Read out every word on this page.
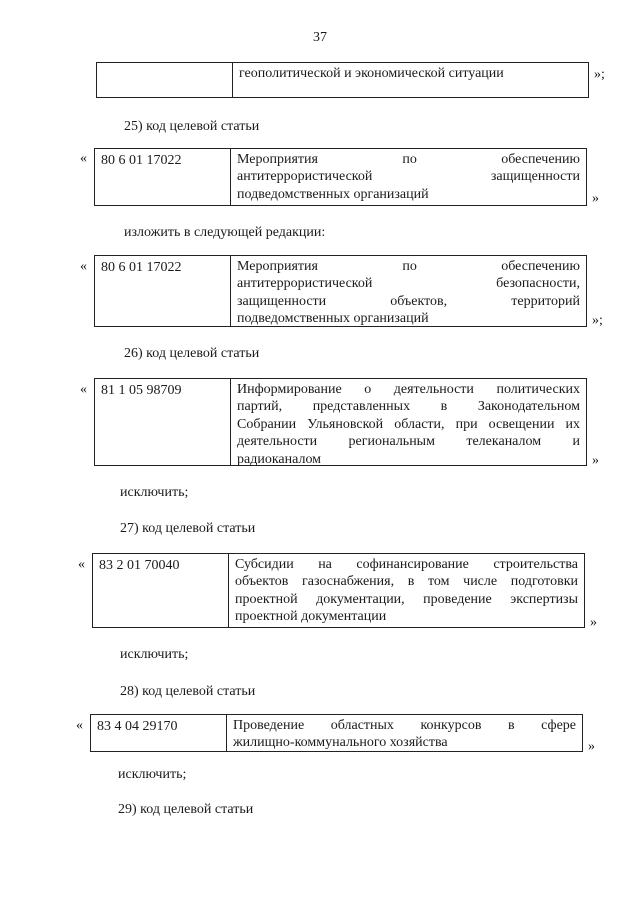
37
геополитической и экономической ситуации	»;
25) код целевой статьи
«	80 6 01 17022	Мероприятия по обеспечению
антитеррористической защищенности
подведомственных организаций	»
изложить в следующей редакции:
«	80 6 01 17022	Мероприятия по обеспечению
антитеррористической безопасности,
защищенности объектов, территорий
подведомственных организаций	»;
26) код целевой статьи
«	81 1 05 98709	Информирование о деятельности политических
партий, представленных в Законодательном
Собрании Ульяновской области, при освещении их
деятельности региональным телеканалом и
радиоканалом	»
исключить;
27) код целевой статьи
«	83 2 01 70040	Субсидии на софинансирование строительства
объектов газоснабжения, в том числе подготовки
проектной документации, проведение экспертизы
проектной документации	»
исключить;
28) код целевой статьи
«	83 4 04 29170	Проведение областных конкурсов в сфере
жилищно-коммунального хозяйства	»
исключить;
29) код целевой статьи
